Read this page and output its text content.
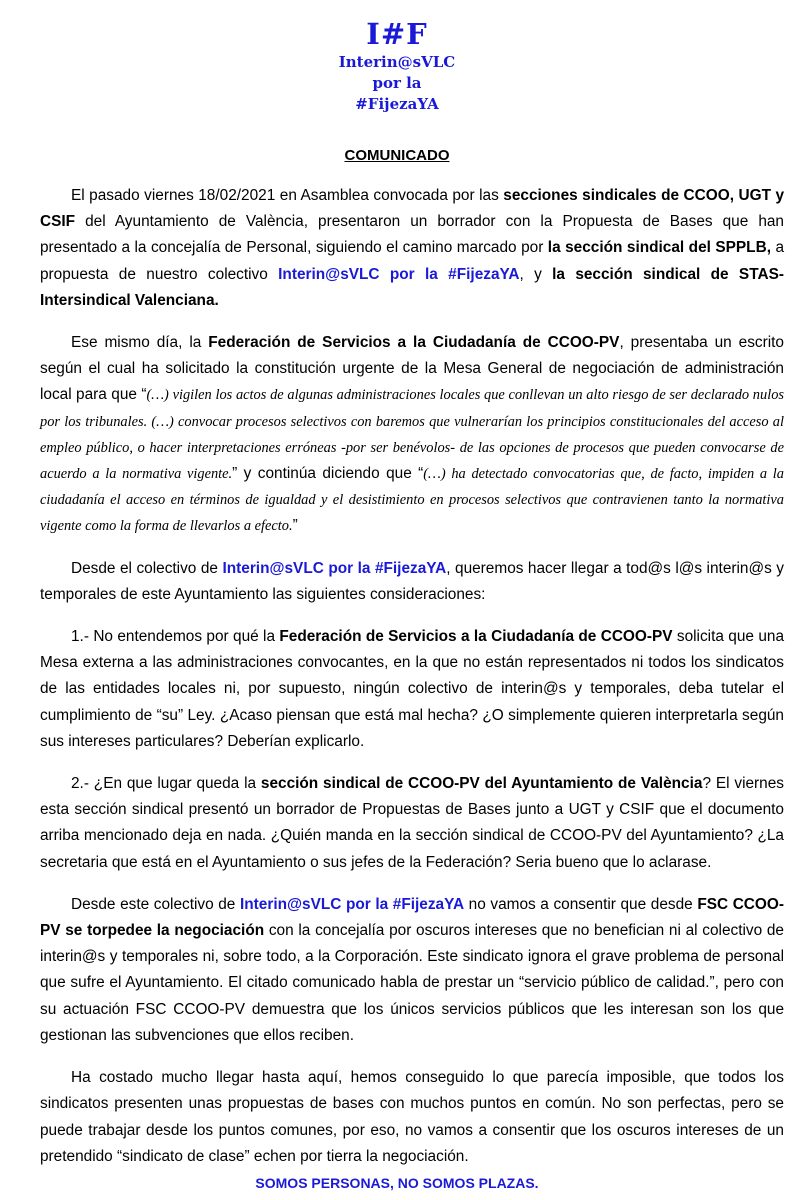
I#F
Interin@sVLC
por la
#FijezaYA
COMUNICADO

El pasado viernes 18/02/2021 en Asamblea convocada por las secciones sindicales de CCOO, UGT y CSIF del Ayuntamiento de València, presentaron un borrador con la Propuesta de Bases que han presentado a la concejalía de Personal, siguiendo el camino marcado por la sección sindical del SPPLB, a propuesta de nuestro colectivo Interin@sVLC por la #FijezaYA, y la sección sindical de STAS-Intersindical Valenciana.

Ese mismo día, la Federación de Servicios a la Ciudadanía de CCOO-PV, presentaba un escrito según el cual ha solicitado la constitución urgente de la Mesa General de negociación de administración local para que “(…) vigilen los actos de algunas administraciones locales que conllevan un alto riesgo de ser declarado nulos por los tribunales. (…) convocar procesos selectivos con baremos que vulnerarían los principios constitucionales del acceso al empleo público, o hacer interpretaciones erróneas -por ser benévolos- de las opciones de procesos que pueden convocarse de acuerdo a la normativa vigente.” y continúa diciendo que “(…) ha detectado convocatorias que, de facto, impiden a la ciudadanía el acceso en términos de igualdad y el desistimiento en procesos selectivos que contravienen tanto la normativa vigente como la forma de llevarlos a efecto.”

Desde el colectivo de Interin@sVLC por la #FijezaYA, queremos hacer llegar a tod@s l@s interin@s y temporales de este Ayuntamiento las siguientes consideraciones:

1.- No entendemos por qué la Federación de Servicios a la Ciudadanía de CCOO-PV solicita que una Mesa externa a las administraciones convocantes, en la que no están representados ni todos los sindicatos de las entidades locales ni, por supuesto, ningún colectivo de interin@s y temporales, deba tutelar el cumplimiento de “su” Ley. ¿Acaso piensan que está mal hecha? ¿O simplemente quieren interpretarla según sus intereses particulares? Deberían explicarlo.

2.- ¿En que lugar queda la sección sindical de CCOO-PV del Ayuntamiento de València? El viernes esta sección sindical presentó un borrador de Propuestas de Bases junto a UGT y CSIF que el documento arriba mencionado deja en nada. ¿Quién manda en la sección sindical de CCOO-PV del Ayuntamiento? ¿La secretaria que está en el Ayuntamiento o sus jefes de la Federación? Seria bueno que lo aclarase.

Desde este colectivo de Interin@sVLC por la #FijezaYA no vamos a consentir que desde FSC CCOO-PV se torpedee la negociación con la concejalía por oscuros intereses que no benefician ni al colectivo de interin@s y temporales ni, sobre todo, a la Corporación. Este sindicato ignora el grave problema de personal que sufre el Ayuntamiento. El citado comunicado habla de prestar un “servicio público de calidad.”, pero con su actuación FSC CCOO-PV demuestra que los únicos servicios públicos que les interesan son los que gestionan las subvenciones que ellos reciben.

Ha costado mucho llegar hasta aquí, hemos conseguido lo que parecía imposible, que todos los sindicatos presenten unas propuestas de bases con muchos puntos en común. No son perfectas, pero se puede trabajar desde los puntos comunes, por eso, no vamos a consentir que los oscuros intereses de un pretendido “sindicato de clase” echen por tierra la negociación.

SOMOS PERSONAS, NO SOMOS PLAZAS.
